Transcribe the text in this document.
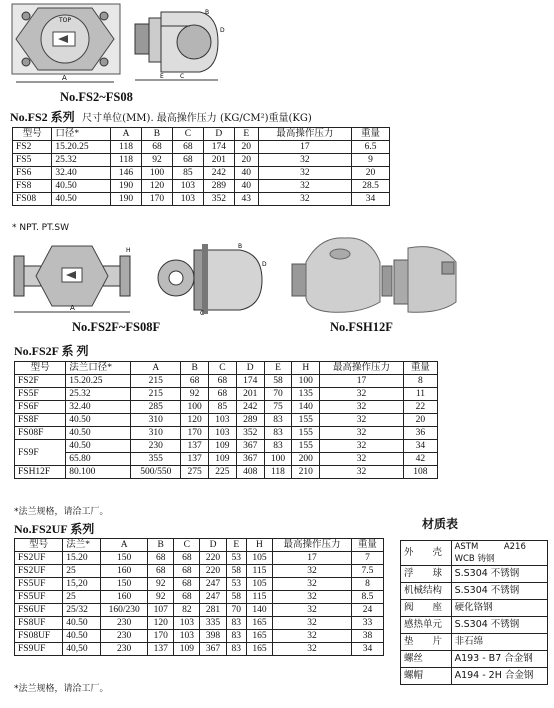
TOP
A
B
D
E	C
No.FS2~FS08
No.FS2 系列 尺寸单位(MM). 最高操作压力 (KG/CM²)重量(KG)
型号	口径*	A	B	C	D	E	最高操作压力	重量
FS2	15.20.25	118	68	68	174	20	17	6.5
FS5	25.32	118	92	68	201	20	32	9
FS6	32.40	146	100	85	242	40	32	20
FS8	40.50	190	120	103	289	40	32	28.5
FS08	40.50	190	170	103	352	43	32	34
* NPT. PT.SW
A
H
B
D
C
No.FS2F~FS08F	No.FSH12F
No.FS2F 系 列
型号	法兰口径*	A	B	C	D	E	H	最高操作压力	重量
FS2F	15.20.25	215	68	68	174	58	100	17	8
FS5F	25.32	215	92	68	201	70	135	32	11
FS6F	32.40	285	100	85	242	75	140	32	22
FS8F	40.50	310	120	103	289	83	155	32	20
FS08F	40.50	310	170	103	352	83	155	32	36
FS9F	40.50	230	137	109	367	83	155	32	34
	65.80	355	137	109	367	100	200	32	42
FSH12F	80.100	500/550	275	225	408	118	210	32	108
*法兰规格，请洽工厂。
No.FS2UF 系列
型号	法兰*	A	B	C	D	E	H	最高操作压力	重量
FS2UF	15.20	150	68	68	220	53	105	17	7
FS2UF	25	160	68	68	220	58	115	32	7.5
FS5UF	15,20	150	92	68	247	53	105	32	8
FS5UF	25	160	92	68	247	58	115	32	8.5
FS6UF	25/32	160/230	107	82	281	70	140	32	24
FS8UF	40.50	230	120	103	335	83	165	32	33
FS08UF	40.50	230	170	103	398	83	165	32	38
FS9UF	40,50	230	137	109	367	83	165	32	34
*法兰规格，请洽工厂。
材质表
外　　壳	ASTM　　　A216
WCB 铸钢
浮　　球	S.S304 不锈钢
机械结构	S.S304 不锈钢
阀　　座	硬化铬钢
感热单元	S.S304 不锈钢
垫　　片	非石绵
螺丝	A193 - B7 合金钢
螺帽	A194 - 2H 合金钢
